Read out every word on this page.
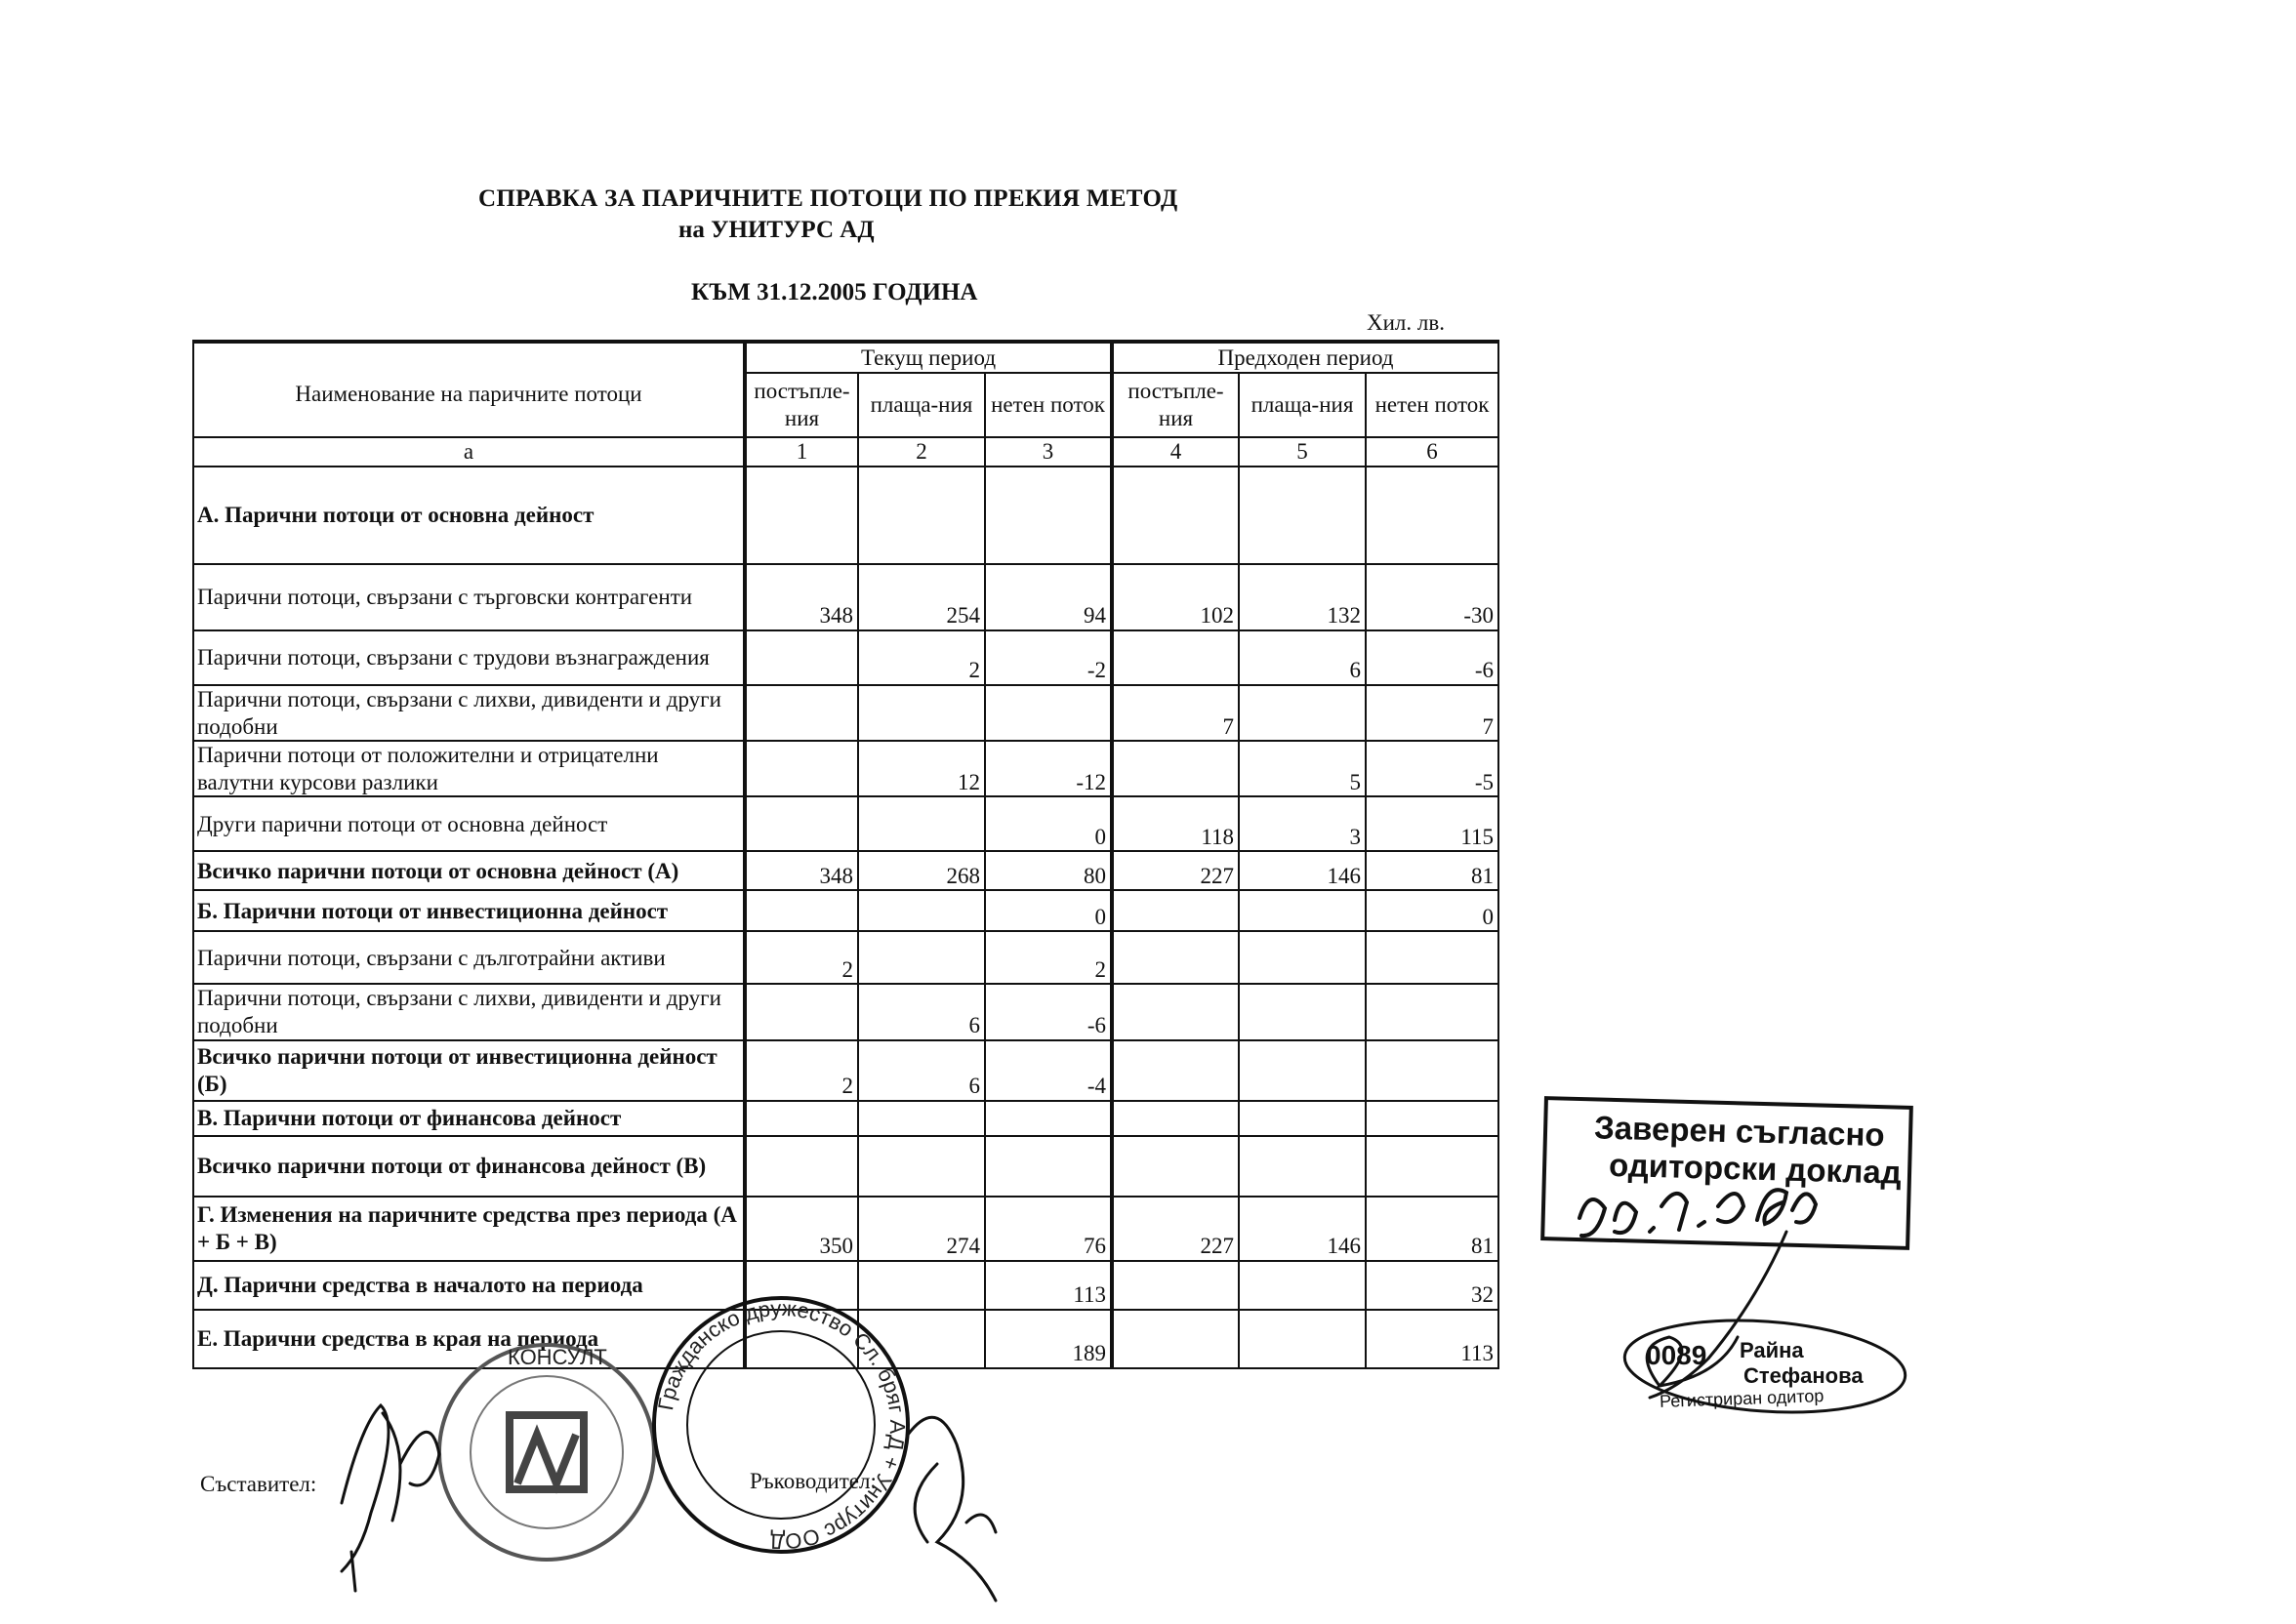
СПРАВКА ЗА ПАРИЧНИТЕ ПОТОЦИ ПО ПРЕКИЯ МЕТОД
на УНИТУРС АД
КЪМ 31.12.2005 ГОДИНА
Хил. лв.
Наименование на паричните потоци	Текущ период			Предходен период		
	постъпле-ния	плаща-ния	нетен поток	постъпле-ния	плаща-ния	нетен поток
а	1	2	3	4	5	6
А. Парични потоци от основна дейност						
Парични потоци, свързани с търговски контрагенти	348	254	94	102	132	-30
Парични потоци, свързани с трудови възнаграждения		2	-2		6	-6
Парични потоци, свързани с лихви, дивиденти и други подобни				7		7
Парични потоци от положителни и отрицателни валутни курсови разлики		12	-12		5	-5
Други парични потоци от основна дейност			0	118	3	115
Всичко парични потоци от основна дейност (А)	348	268	80	227	146	81
Б. Парични потоци от инвестиционна дейност			0			0
Парични потоци, свързани с дълготрайни активи	2		2			
Парични потоци, свързани с лихви, дивиденти и други подобни		6	-6			
Всичко парични потоци от инвестиционна дейност (Б)	2	6	-4			
В. Парични потоци от финансова дейност						
Всичко парични потоци от финансова дейност (В)						
Г. Изменения на паричните средства през периода (А + Б + В)	350	274	76	227	146	81
Д. Парични средства в началото на периода			113			32
Е. Парични средства в края на периода			189			113
Съставител:	Ръководител:
Заверен съгласно
одиторски доклад
0089 Райна
Стефанова
Регистриран одитор
КОНСУЛТ
Гражданско дружество Сл. бряг АД + Унитурс ООД
